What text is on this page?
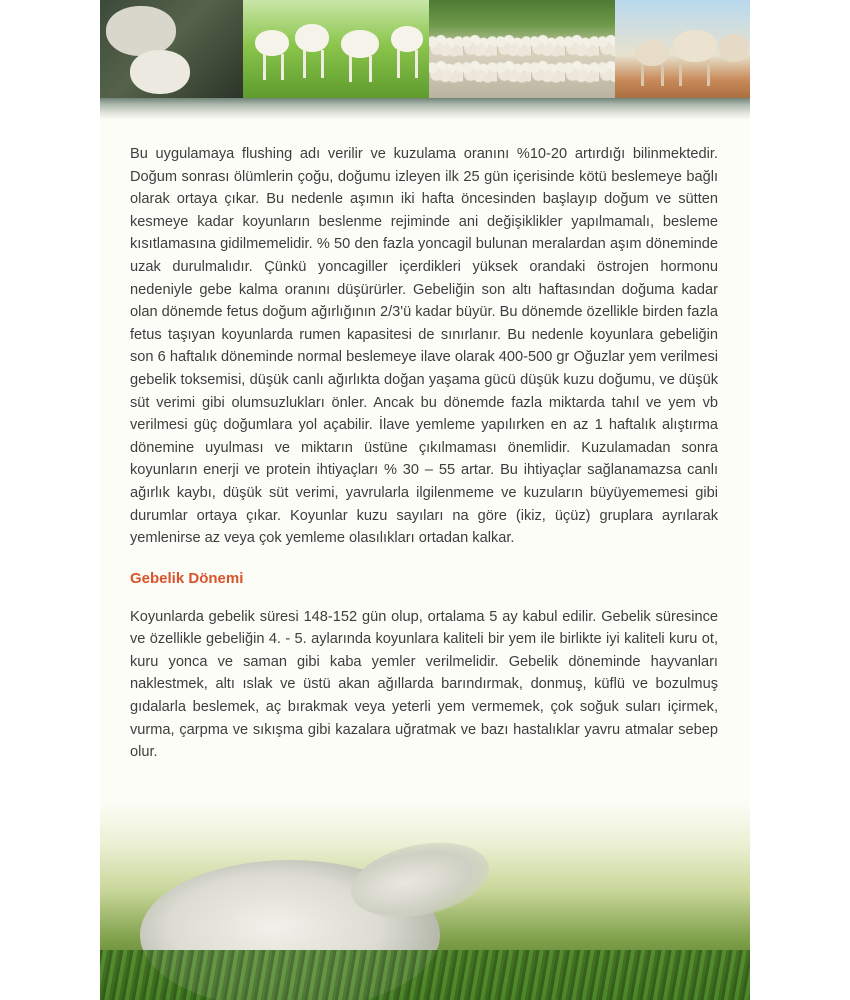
Bu uygulamaya flushing adı verilir ve kuzulama oranını %10-20 artırdığı bilinmektedir. Doğum sonrası ölümlerin çoğu, doğumu izleyen ilk 25 gün içerisinde kötü beslemeye bağlı olarak ortaya çıkar. Bu nedenle aşımın iki hafta öncesinden başlayıp doğum ve sütten kesmeye kadar koyunların beslenme rejiminde ani değişiklikler yapılmamalı, besleme kısıtlamasına gidilmemelidir. % 50 den fazla yoncagil bulunan meralardan aşım döneminde uzak durulmalıdır. Çünkü yoncagiller içerdikleri yüksek orandaki östrojen hormonu nedeniyle gebe kalma oranını düşürürler. Gebeliğin son altı haftasından doğuma kadar olan dönemde fetus doğum ağırlığının 2/3'ü kadar büyür. Bu dönemde özellikle birden fazla fetus taşıyan koyunlarda rumen kapasitesi de sınırlanır. Bu nedenle koyunlara gebeliğin son 6 haftalık döneminde normal beslemeye ilave olarak 400-500 gr Oğuzlar yem verilmesi gebelik toksemisi, düşük canlı ağırlıkta doğan yaşama gücü düşük kuzu doğumu, ve düşük süt verimi gibi olumsuzlukları önler. Ancak bu dönemde fazla miktarda tahıl ve yem vb verilmesi güç doğumlara yol açabilir. İlave yemleme yapılırken en az 1 haftalık alıştırma dönemine uyulması ve miktarın üstüne çıkılmaması önemlidir. Kuzulamadan sonra koyunların enerji ve protein ihtiyaçları % 30 – 55 artar. Bu ihtiyaçlar sağlanamazsa canlı ağırlık kaybı, düşük süt verimi, yavrularla ilgilenmeme ve kuzuların büyüyememesi gibi durumlar ortaya çıkar. Koyunlar kuzu sayıları na göre (ikiz, üçüz) gruplara ayrılarak yemlenirse az veya çok yemleme olasılıkları ortadan kalkar.

Gebelik Dönemi

Koyunlarda gebelik süresi 148-152 gün olup, ortalama 5 ay kabul edilir. Gebelik süresince ve özellikle gebeliğin 4. - 5. aylarında koyunlara kaliteli bir yem ile birlikte iyi kaliteli kuru ot, kuru yonca ve saman gibi kaba yemler verilmelidir. Gebelik döneminde hayvanları naklestmek, altı ıslak ve üstü akan ağıllarda barındırmak, donmuş, küflü ve bozulmuş gıdalarla beslemek, aç bırakmak veya yeterli yem vermemek, çok soğuk suları içirmek, vurma, çarpma ve sıkışma gibi kazalara uğratmak ve bazı hastalıklar yavru atmalar sebep olur.
